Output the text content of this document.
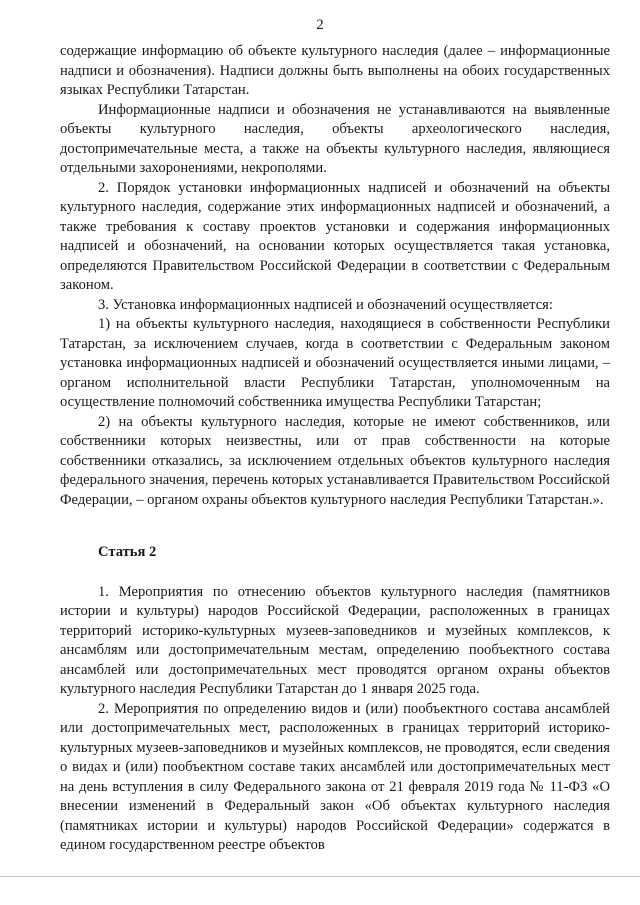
2

содержащие информацию об объекте культурного наследия (далее – информационные надписи и обозначения). Надписи должны быть выполнены на обоих государственных языках Республики Татарстан.

Информационные надписи и обозначения не устанавливаются на выявленные объекты культурного наследия, объекты археологического наследия, достопримечательные места, а также на объекты культурного наследия, являющиеся отдельными захоронениями, некрополями.

2. Порядок установки информационных надписей и обозначений на объекты культурного наследия, содержание этих информационных надписей и обозначений, а также требования к составу проектов установки и содержания информационных надписей и обозначений, на основании которых осуществляется такая установка, определяются Правительством Российской Федерации в соответствии с Федеральным законом.

3. Установка информационных надписей и обозначений осуществляется:

1) на объекты культурного наследия, находящиеся в собственности Республики Татарстан, за исключением случаев, когда в соответствии с Федеральным законом установка информационных надписей и обозначений осуществляется иными лицами, – органом исполнительной власти Республики Татарстан, уполномоченным на осуществление полномочий собственника имущества Республики Татарстан;

2) на объекты культурного наследия, которые не имеют собственников, или собственники которых неизвестны, или от прав собственности на которые собственники отказались, за исключением отдельных объектов культурного наследия федерального значения, перечень которых устанавливается Правительством Российской Федерации, – органом охраны объектов культурного наследия Республики Татарстан.».

Статья 2

1. Мероприятия по отнесению объектов культурного наследия (памятников истории и культуры) народов Российской Федерации, расположенных в границах территорий историко-культурных музеев-заповедников и музейных комплексов, к ансамблям или достопримечательным местам, определению пообъектного состава ансамблей или достопримечательных мест проводятся органом охраны объектов культурного наследия Республики Татарстан до 1 января 2025 года.

2. Мероприятия по определению видов и (или) пообъектного состава ансамблей или достопримечательных мест, расположенных в границах территорий историко-культурных музеев-заповедников и музейных комплексов, не проводятся, если сведения о видах и (или) пообъектном составе таких ансамблей или достопримечательных мест на день вступления в силу Федерального закона от 21 февраля 2019 года № 11-ФЗ «О внесении изменений в Федеральный закон «Об объектах культурного наследия (памятниках истории и культуры) народов Российской Федерации» содержатся в едином государственном реестре объектов
